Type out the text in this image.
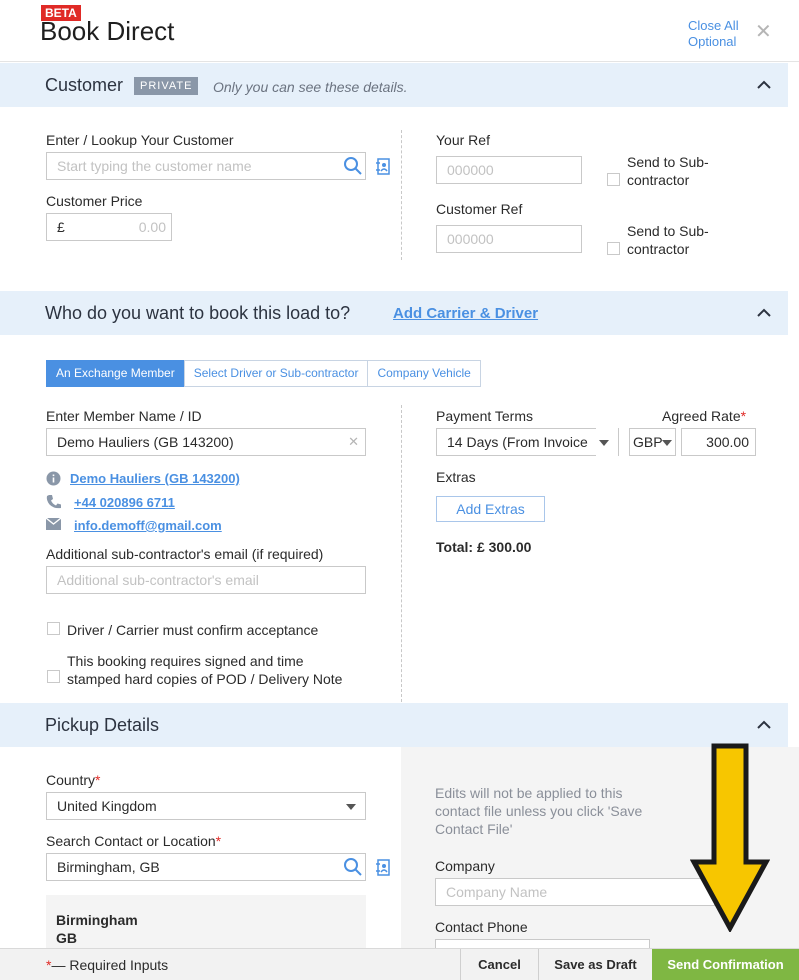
BETA
Book Direct	Close All
Optional ✕
Customer	PRIVATE	Only you can see these details.
Enter / Lookup Your Customer
Start typing the customer name
Customer Price
£	0.00
Your Ref
000000	Send to Sub-
contractor
Customer Ref
000000	Send to Sub-
contractor
Who do you want to book this load to?	Add Carrier & Driver
An Exchange Member	Select Driver or Sub-contractor	Company Vehicle
Enter Member Name / ID
Demo Hauliers (GB 143200)	✕
Demo Hauliers (GB 143200)
+44 020896 6711
info.demoff@gmail.com
Additional sub-contractor's email (if required)
Additional sub-contractor's email
Driver / Carrier must confirm acceptance
This booking requires signed and time
stamped hard copies of POD / Delivery Note
Payment Terms
14 Days (From Invoice
Agreed Rate*
GBP	300.00
Extras
Add Extras
Total: £ 300.00
Pickup Details
Country*
United Kingdom
Search Contact or Location*
Birmingham, GB
Birmingham
GB
Edits will not be applied to this
contact file unless you click 'Save
Contact File'
Company
Company Name
Contact Phone
*— Required Inputs	Cancel	Save as Draft	Send Confirmation
